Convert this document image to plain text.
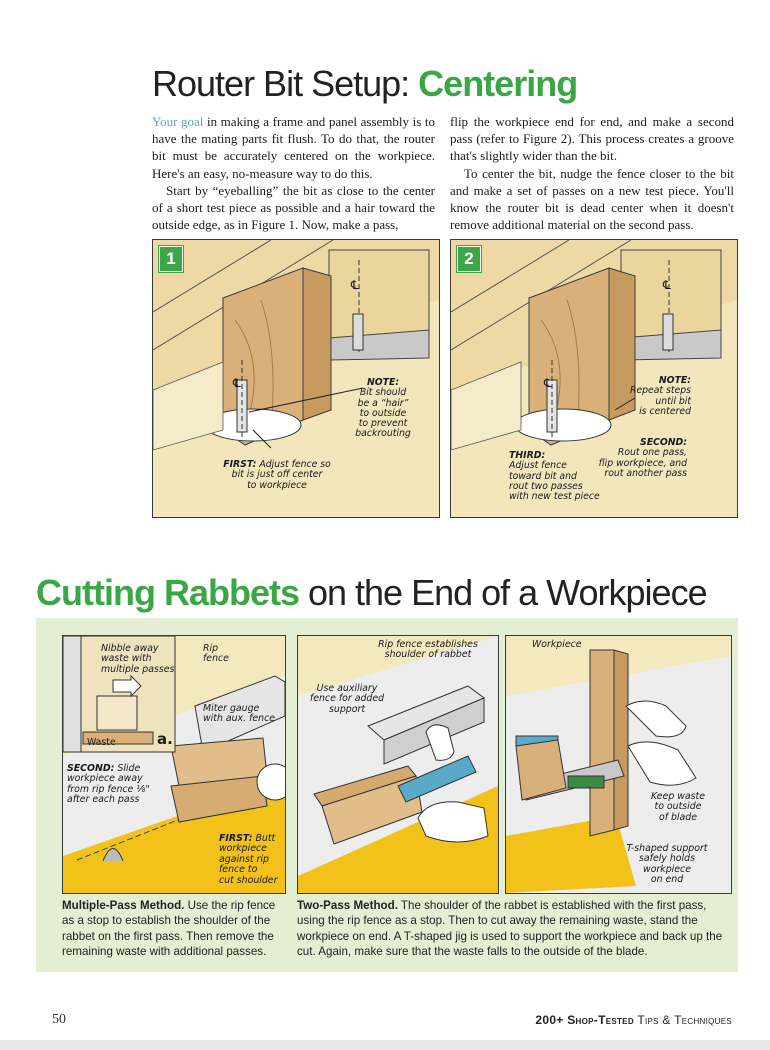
Router Bit Setup: Centering

Your goal in making a frame and panel assembly is to have the mating parts fit flush. To do that, the router bit must be accurately centered on the workpiece. Here's an easy, no-measure way to do this.

Start by “eyeballing” the bit as close to the center of a short test piece as possible and a hair toward the outside edge, as in Figure 1. Now, make a pass,

flip the workpiece end for end, and make a second pass (refer to Figure 2). This process creates a groove that's slightly wider than the bit.

To center the bit, nudge the fence closer to the bit and make a set of passes on a new test piece. You'll know the router bit is dead center when it doesn't remove additional material on the second pass.

1
℄
℄	NOTE:
Bit should
be a “hair”
to outside
to prevent
backrouting
FIRST: Adjust fence so
bit is just off center
to workpiece
2
℄
℄	NOTE:
Repeat steps
until bit
is centered
SECOND:
Rout one pass,
flip workpiece, and
rout another pass
THIRD:
Adjust fence
toward bit and
rout two passes
with new test piece
Cutting Rabbets on the End of a Workpiece
Nibble away
waste with
multiple passes
Rip
fence
Miter gauge
with aux. fence
Waste	a.
SECOND: Slide
workpiece away
from rip fence ⅛"
after each pass
FIRST: Butt
workpiece
against rip
fence to
cut shoulder
Rip fence establishes
shoulder of rabbet
Use auxiliary
fence for added
support
Workpiece
Keep waste
to outside
of blade
T-shaped support
safely holds
workpiece
on end
Multiple-Pass Method. Use the rip fence as a stop to establish the shoulder of the rabbet on the first pass. Then remove the remaining waste with additional passes.
Two-Pass Method. The shoulder of the rabbet is established with the first pass, using the rip fence as a stop. Then to cut away the remaining waste, stand the workpiece on end. A T-shaped jig is used to support the workpiece and back up the cut. Again, make sure that the waste falls to the outside of the blade.
50	200+ Shop-Tested Tips & Techniques
